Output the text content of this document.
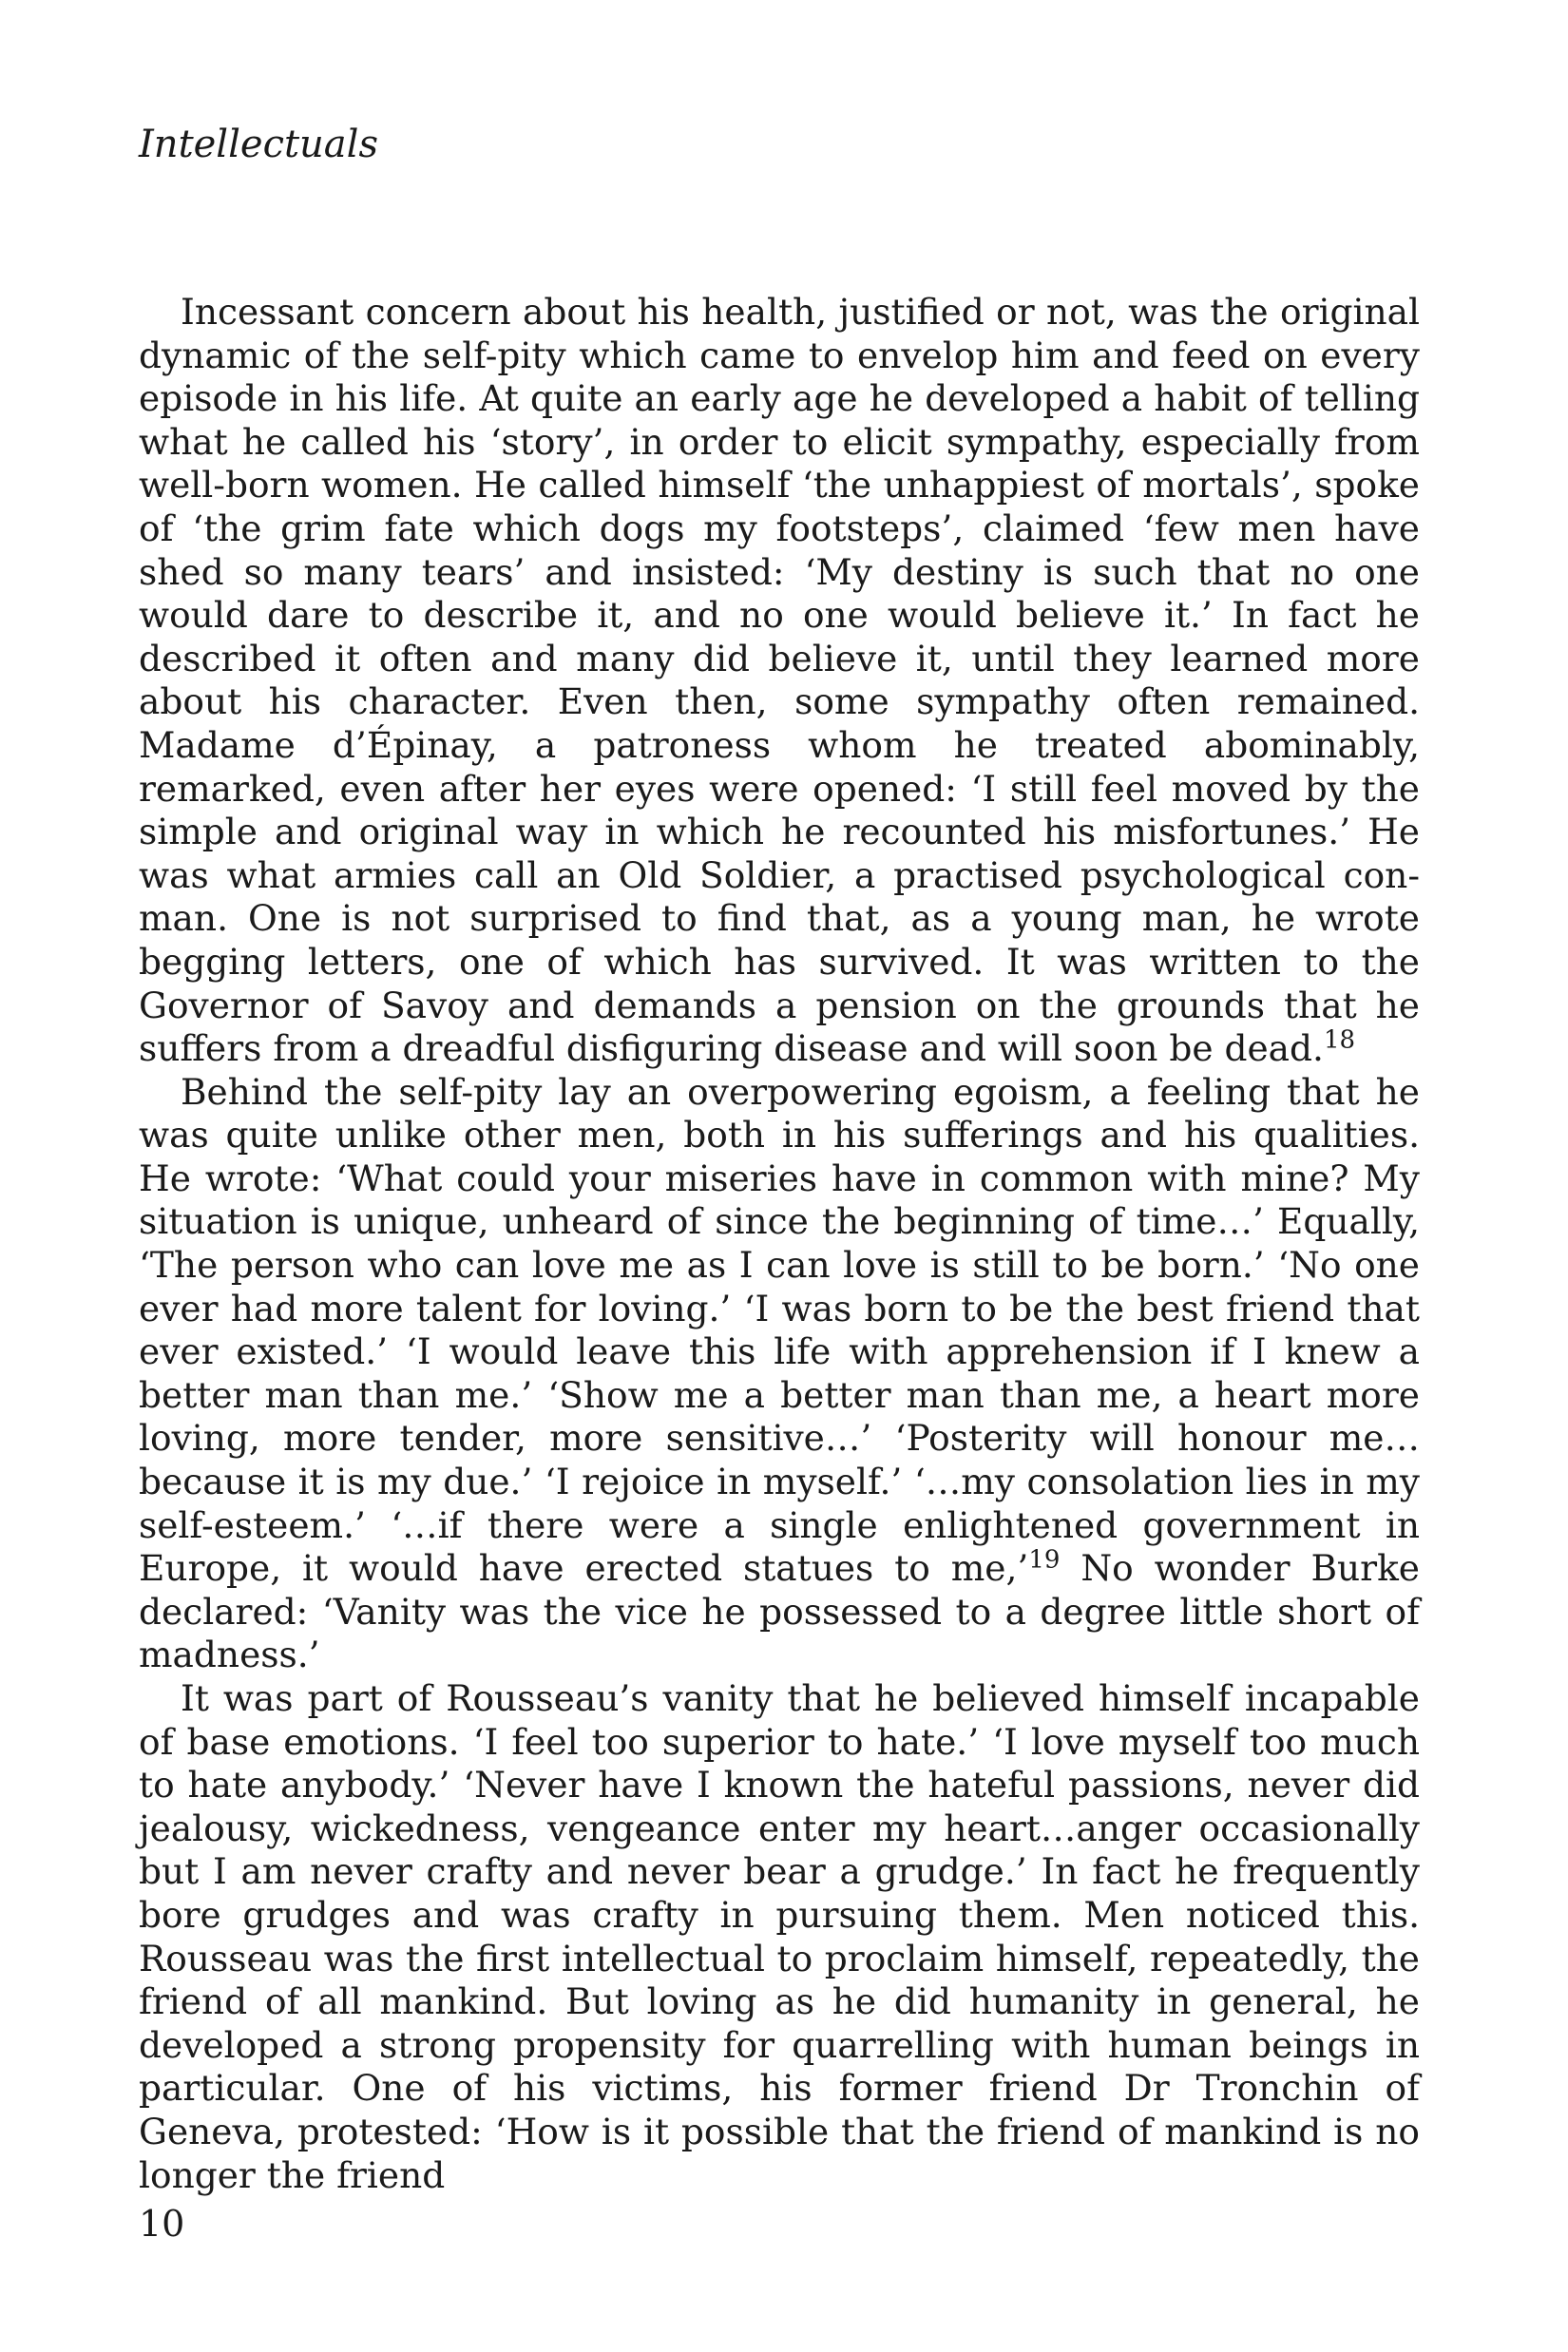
Intellectuals

Incessant concern about his health, justified or not, was the original dynamic of the self-pity which came to envelop him and feed on every episode in his life. At quite an early age he developed a habit of telling what he called his ‘story’, in order to elicit sympathy, especially from well-born women. He called himself ‘the unhappiest of mortals’, spoke of ‘the grim fate which dogs my footsteps’, claimed ‘few men have shed so many tears’ and insisted: ‘My destiny is such that no one would dare to describe it, and no one would believe it.’ In fact he described it often and many did believe it, until they learned more about his character. Even then, some sympathy often remained. Madame d’Épinay, a patroness whom he treated abominably, remarked, even after her eyes were opened: ‘I still feel moved by the simple and original way in which he recounted his misfortunes.’ He was what armies call an Old Soldier, a practised psychological con-man. One is not surprised to find that, as a young man, he wrote begging letters, one of which has survived. It was written to the Governor of Savoy and demands a pension on the grounds that he suffers from a dreadful disfiguring disease and will soon be dead.$^{18}$

Behind the self-pity lay an overpowering egoism, a feeling that he was quite unlike other men, both in his sufferings and his qualities. He wrote: ‘What could your miseries have in common with mine? My situation is unique, unheard of since the beginning of time…’ Equally, ‘The person who can love me as I can love is still to be born.’ ‘No one ever had more talent for loving.’ ‘I was born to be the best friend that ever existed.’ ‘I would leave this life with apprehension if I knew a better man than me.’ ‘Show me a better man than me, a heart more loving, more tender, more sensitive…’ ‘Posterity will honour me…because it is my due.’ ‘I rejoice in myself.’ ‘…my consolation lies in my self-esteem.’ ‘…if there were a single enlightened government in Europe, it would have erected statues to me,’$^{19}$ No wonder Burke declared: ‘Vanity was the vice he possessed to a degree little short of madness.’

It was part of Rousseau’s vanity that he believed himself incapable of base emotions. ‘I feel too superior to hate.’ ‘I love myself too much to hate anybody.’ ‘Never have I known the hateful passions, never did jealousy, wickedness, vengeance enter my heart…anger occasionally but I am never crafty and never bear a grudge.’ In fact he frequently bore grudges and was crafty in pursuing them. Men noticed this. Rousseau was the first intellectual to proclaim himself, repeatedly, the friend of all mankind. But loving as he did humanity in general, he developed a strong propensity for quarrelling with human beings in particular. One of his victims, his former friend Dr Tronchin of Geneva, protested: ‘How is it possible that the friend of mankind is no longer the friend

10
